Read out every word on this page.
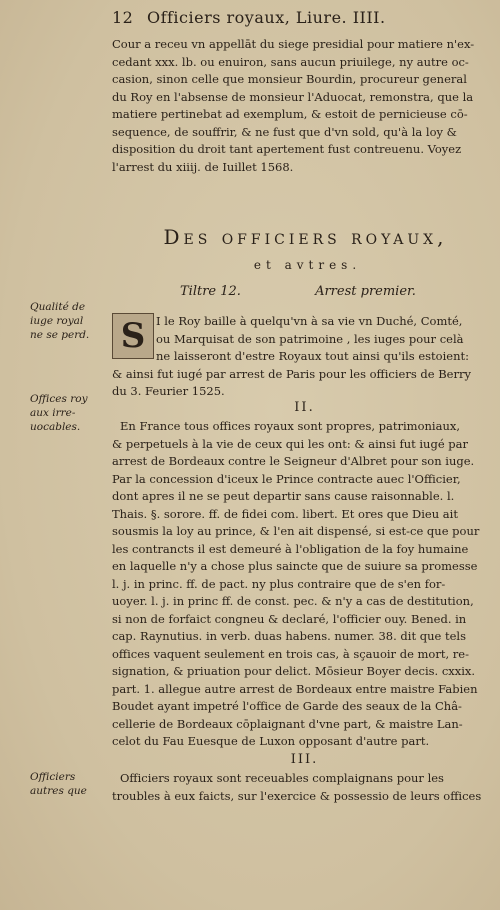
12 Officiers royaux, Liure. IIII.
Cour a receu vn appellāt du siege presidial pour matiere n'ex-
cedant xxx. lb. ou enuiron, sans aucun priuilege, ny autre oc-
casion, sinon celle que monsieur Bourdin, procureur general
du Roy en l'absense de monsieur l'Aduocat, remonstra, que la
matiere pertinebat ad exemplum, & estoit de pernicieuse cō-
sequence, de souffrir, & ne fust que d'vn sold, qu'à la loy &
disposition du droit tant apertement fust contreuenu. Voyez
l'arrest du xiiij. de Iuillet 1568.
Des officiers royaux,
et avtres.
Tiltre 12.	Arrest premier.
Qualité de
iuge royal
ne se perd. S I le Roy baille à quelqu'vn à sa vie vn Duché, Comté,
ou Marquisat de son patrimoine , les iuges pour celà
ne laisseront d'estre Royaux tout ainsi qu'ils estoient:
& ainsi fut iugé par arrest de Paris pour les officiers de Berry
du 3. Feurier 1525.
II.
Offices roy
aux irre-
uocables.	En France tous offices royaux sont propres, patrimoniaux,
& perpetuels à la vie de ceux qui les ont: & ainsi fut iugé par
arrest de Bordeaux contre le Seigneur d'Albret pour son iuge.
Par la concession d'iceux le Prince contracte auec l'Officier,
dont apres il ne se peut departir sans cause raisonnable. l.
Thais. §. sorore. ff. de fidei com. libert. Et ores que Dieu ait
sousmis la loy au prince, & l'en ait dispensé, si est-ce que pour
les contrancts il est demeuré à l'obligation de la foy humaine
en laquelle n'y a chose plus saincte que de suiure sa promesse
l. j. in princ. ff. de pact. ny plus contraire que de s'en for-
uoyer. l. j. in princ ff. de const. pec. & n'y a cas de destitution,
si non de forfaict congneu & declaré, l'officier ouy. Bened. in
cap. Raynutius. in verb. duas habens. numer. 38. dit que tels
offices vaquent seulement en trois cas, à sçauoir de mort, re-
signation, & priuation pour delict. Mōsieur Boyer decis. cxxix.
part. 1. allegue autre arrest de Bordeaux entre maistre Fabien
Boudet ayant impetré l'office de Garde des seaux de la Châ-
cellerie de Bordeaux cōplaignant d'vne part, & maistre Lan-
celot du Fau Euesque de Luxon opposant d'autre part.
III.
Officiers
autres que
Officiers royaux sont receuables complaignans pour les
troubles à eux faicts, sur l'exercice & possessio de leurs offices
